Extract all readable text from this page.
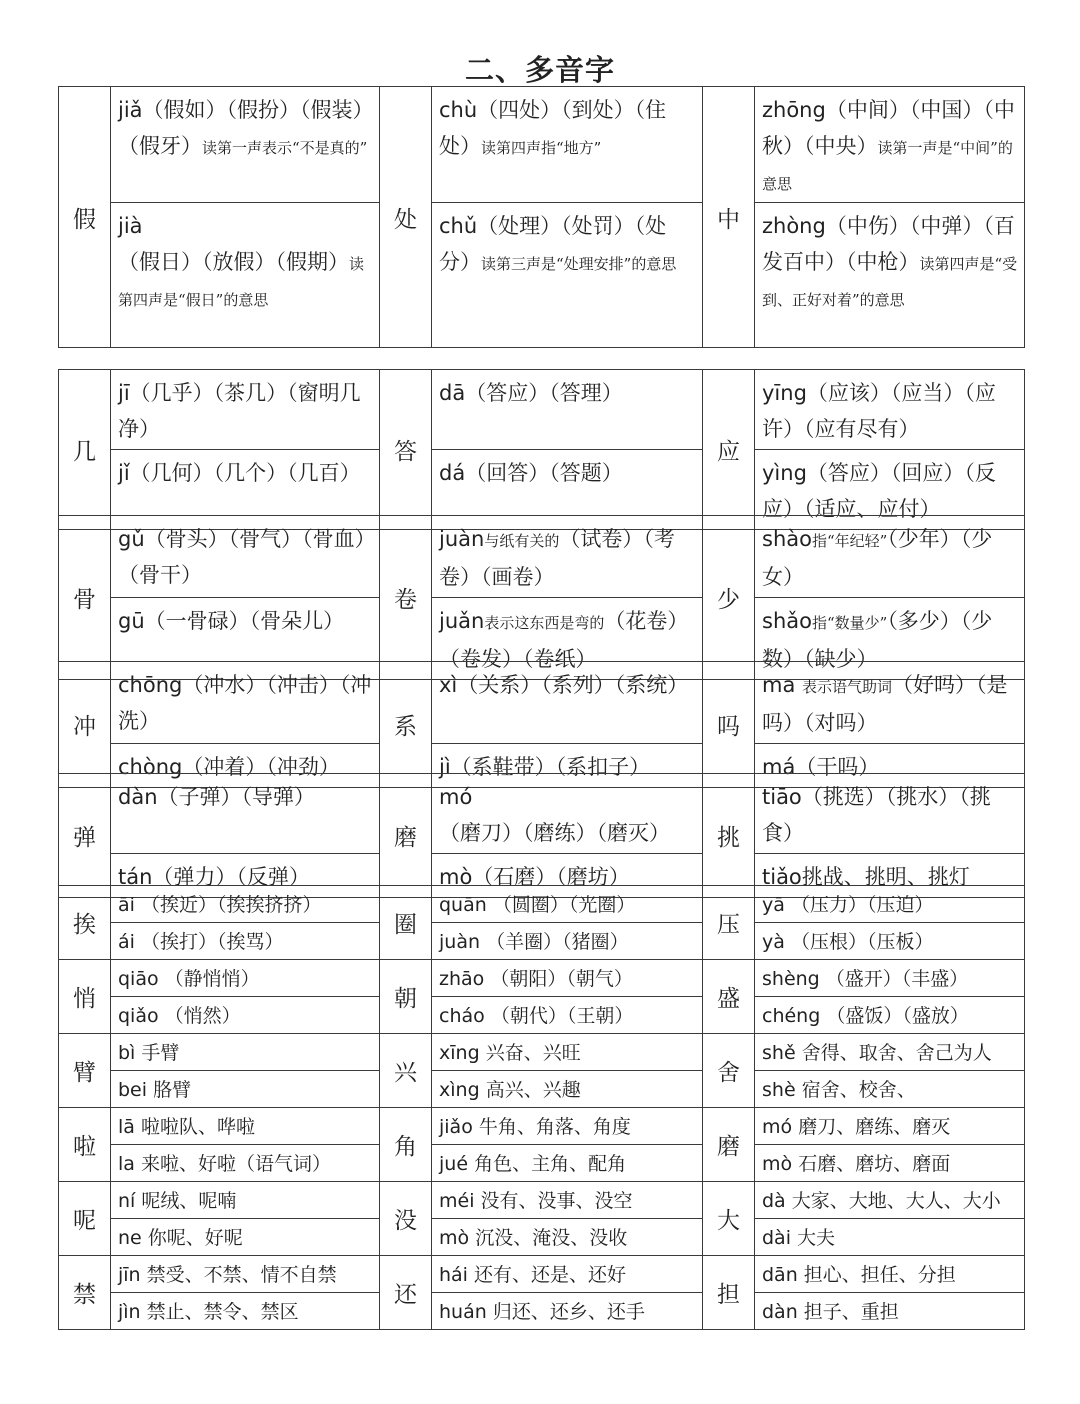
二、多音字
假	jiǎ（假如）（假扮）（假装）（假牙）读第一声表示“不是真的”	处	chù（四处）（到处）（住处）读第四声指“地方”	中	zhōng（中间）（中国）（中秋）（中央）读第一声是“中间”的意思
	jià（假日）（放假）（假期）读第四声是“假日”的意思		chǔ（处理）（处罚）（处分）读第三声是“处理安排”的意思		zhòng（中伤）（中弹）（百发百中）（中枪）读第四声是“受到、正好对着”的意思
几	jī（几乎）（茶几）（窗明几净）	答	dā（答应）（答理）	应	yīng（应该）（应当）（应许）（应有尽有）
	jǐ（几何）（几个）（几百）		dá（回答）（答题）		yìng（答应）（回应）（反应）（适应、应付）
骨	gǔ（骨头）（骨气）（骨血）（骨干）	卷	juàn与纸有关的（试卷）（考卷）（画卷）	少	shào指“年纪轻”（少年）（少女）
	gū（一骨碌）（骨朵儿）		juǎn表示这东西是弯的（花卷）（卷发）（卷纸）		shǎo指“数量少”（多少）（少数）（缺少）
冲	chōng（冲水）（冲击）（冲洗）	系	xì（关系）（系列）（系统）	吗	ma 表示语气助词（好吗）（是吗）（对吗）
	chòng（冲着）（冲劲）		jì（系鞋带）（系扣子）		má（干吗）
弹	dàn（子弹）（导弹）	磨	mó（磨刀）（磨练）（磨灭）	挑	tiāo（挑选）（挑水）（挑食）
	tán（弹力）（反弹）		mò（石磨）（磨坊）		tiǎo挑战、挑明、挑灯
挨	āi （挨近）（挨挨挤挤）	圈	quān （圆圈）（光圈）	压	yā （压力）（压迫）
	ái （挨打）（挨骂）		juàn （羊圈）（猪圈）		yà （压根）（压板）
悄	qiāo （静悄悄）	朝	zhāo （朝阳）（朝气）	盛	shèng （盛开）（丰盛）
	qiǎo （悄然）		cháo （朝代）（王朝）		chéng （盛饭）（盛放）
臂	bì 手臂	兴	xīng 兴奋、兴旺	舍	shě 舍得、取舍、舍己为人
	bei 胳臂		xìng 高兴、兴趣		shè 宿舍、校舍、
啦	lā 啦啦队、哗啦	角	jiǎo 牛角、角落、角度	磨	mó 磨刀、磨练、磨灭
	la 来啦、好啦（语气词）		jué 角色、主角、配角		mò 石磨、磨坊、磨面
呢	ní 呢绒、呢喃	没	méi 没有、没事、没空	大	dà 大家、大地、大人、大小
	ne 你呢、好呢		mò 沉没、淹没、没收		dài 大夫
禁	jīn 禁受、不禁、情不自禁	还	hái 还有、还是、还好	担	dān 担心、担任、分担
	jìn 禁止、禁令、禁区		huán 归还、还乡、还手		dàn 担子、重担
